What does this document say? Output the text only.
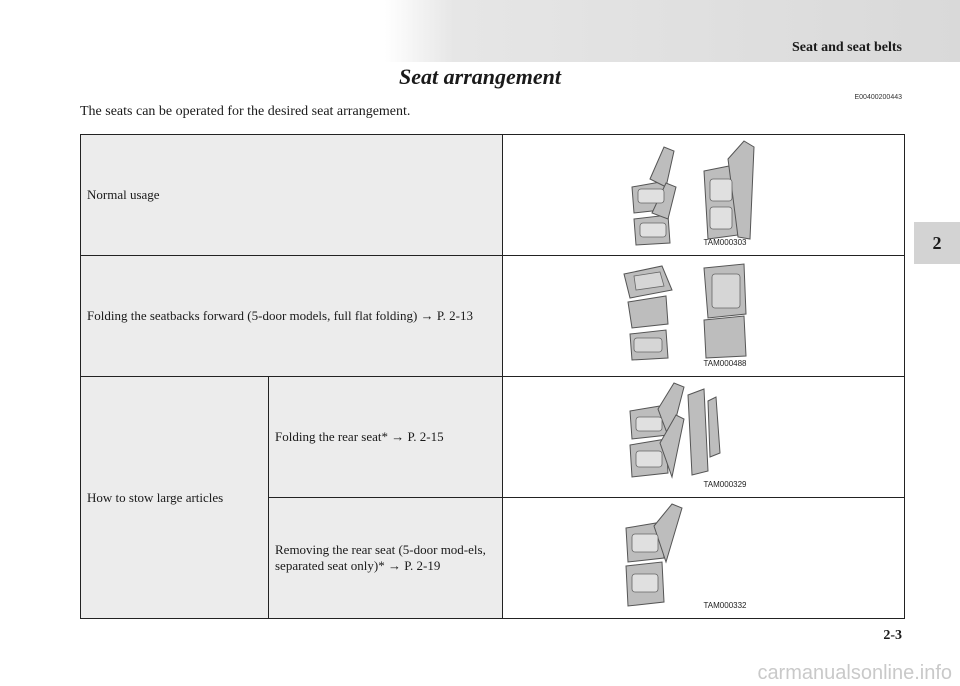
Seat and seat belts
Seat arrangement
E00400200443
The seats can be operated for the desired seat arrangement.
2
Normal usage		TAM000303

Folding the seatbacks forward (5-door models, full flat folding) → P. 2-13		TAM000488

How to stow large articles	Folding the rear seat* → P. 2-15	TAM000329

	Removing the rear seat (5-door mod-els, separated seat only)* → P. 2-19	TAM000332
2-3
carmanualsonline.info
